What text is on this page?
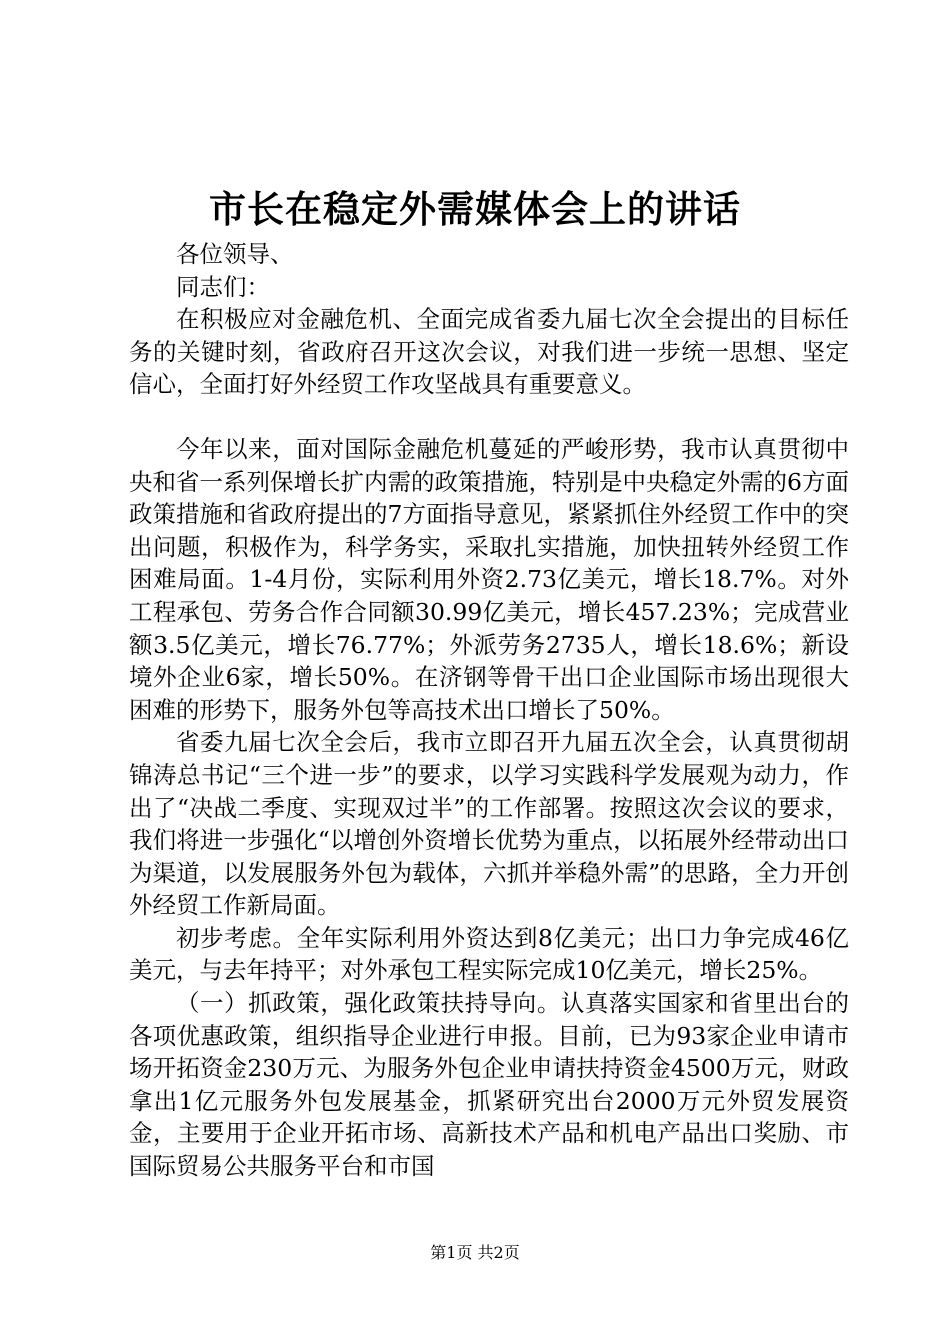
市长在稳定外需媒体会上的讲话

各位领导、

同志们：

在积极应对金融危机、全面完成省委九届七次全会提出的目标任务的关键时刻，省政府召开这次会议，对我们进一步统一思想、坚定信心，全面打好外经贸工作攻坚战具有重要意义。

今年以来，面对国际金融危机蔓延的严峻形势，我市认真贯彻中央和省一系列保增长扩内需的政策措施，特别是中央稳定外需的6方面政策措施和省政府提出的7方面指导意见，紧紧抓住外经贸工作中的突出问题，积极作为，科学务实，采取扎实措施，加快扭转外经贸工作困难局面。1-4月份，实际利用外资2.73亿美元，增长18.7%。对外工程承包、劳务合作合同额30.99亿美元，增长457.23%；完成营业额3.5亿美元，增长76.77%；外派劳务2735人，增长18.6%；新设境外企业6家，增长50%。在济钢等骨干出口企业国际市场出现很大困难的形势下，服务外包等高技术出口增长了50%。

省委九届七次全会后，我市立即召开九届五次全会，认真贯彻胡锦涛总书记“三个进一步”的要求，以学习实践科学发展观为动力，作出了“决战二季度、实现双过半”的工作部署。按照这次会议的要求，我们将进一步强化“以增创外资增长优势为重点，以拓展外经带动出口为渠道，以发展服务外包为载体，六抓并举稳外需”的思路，全力开创外经贸工作新局面。

初步考虑。全年实际利用外资达到8亿美元；出口力争完成46亿美元，与去年持平；对外承包工程实际完成10亿美元，增长25%。

（一）抓政策，强化政策扶持导向。认真落实国家和省里出台的各项优惠政策，组织指导企业进行申报。目前，已为93家企业申请市场开拓资金230万元、为服务外包企业申请扶持资金4500万元，财政拿出1亿元服务外包发展基金，抓紧研究出台2000万元外贸发展资金，主要用于企业开拓市场、高新技术产品和机电产品出口奖励、市国际贸易公共服务平台和市国

第1页 共2页
